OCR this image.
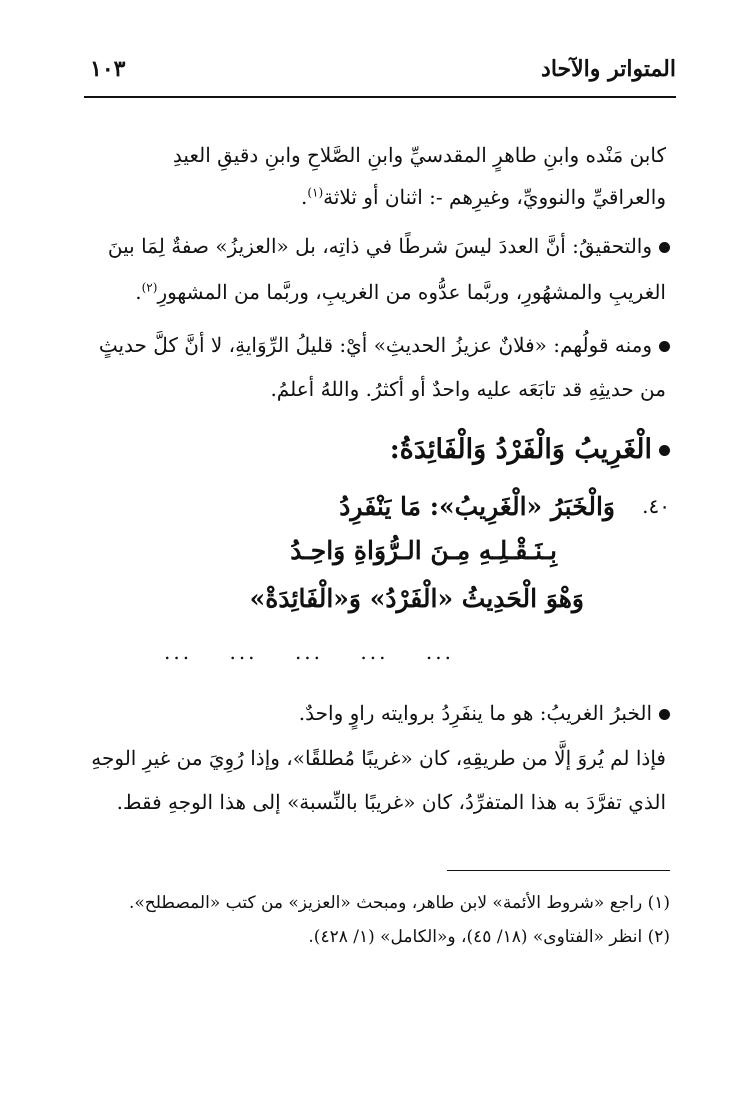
المتواتر والآحاد
١٠٣
كابن مَنْده وابنِ طاهرٍ المقدسيِّ وابنِ الصَّلاحِ وابنِ دقيقِ العيدِ
والعراقيِّ والنوويِّ، وغيرِهم -: اثنان أو ثلاثة$^{(١)}$.
والتحقيقُ: أنَّ العددَ ليسَ شرطًا في ذاتِه، بل «العزيزُ» صفةٌ لِمَا بينَ
الغريبِ والمشهُورِ، وربَّما عدُّوه من الغريبِ، وربَّما من المشهورِ$^{(٢)}$.
ومنه قولُهم: «فلانٌ عزيزُ الحديثِ» أيْ: قليلُ الرِّوَايةِ، لا أنَّ كلَّ حديثٍ
من حديثِهِ قد تابَعَه عليه واحدٌ أو أكثرُ. واللهُ أعلمُ.
الْغَرِيبُ وَالْفَرْدُ وَالْفَائِدَةُ:
٤٠.
وَالْخَبَرُ «الْغَرِيبُ»: مَا يَنْفَرِدُ
بِـنَـقْـلِـهِ مِـنَ الـرُّوَاةِ وَاحِـدُ
وَهْوَ الْحَدِيثُ «الْفَرْدُ» وَ«الْفَائِدَةْ»
... ... ... ... ...
الخبرُ الغريبُ: هو ما ينفَرِدُ بروايته راوٍ واحدٌ.
فإذا لم يُروَ إلَّا من طريقِهِ، كان «غريبًا مُطلقًا»، وإذا رُوِيَ من غيرِ الوجهِ
الذي تفرَّدَ به هذا المتفرِّدُ، كان «غريبًا بالنِّسبة» إلى هذا الوجهِ فقط.
(١) راجع «شروط الأئمة» لابن طاهر، ومبحث «العزيز» من كتب «المصطلح».
(٢) انظر «الفتاوى» (١٨/ ٤٥)، و«الكامل» (١/ ٤٢٨).
